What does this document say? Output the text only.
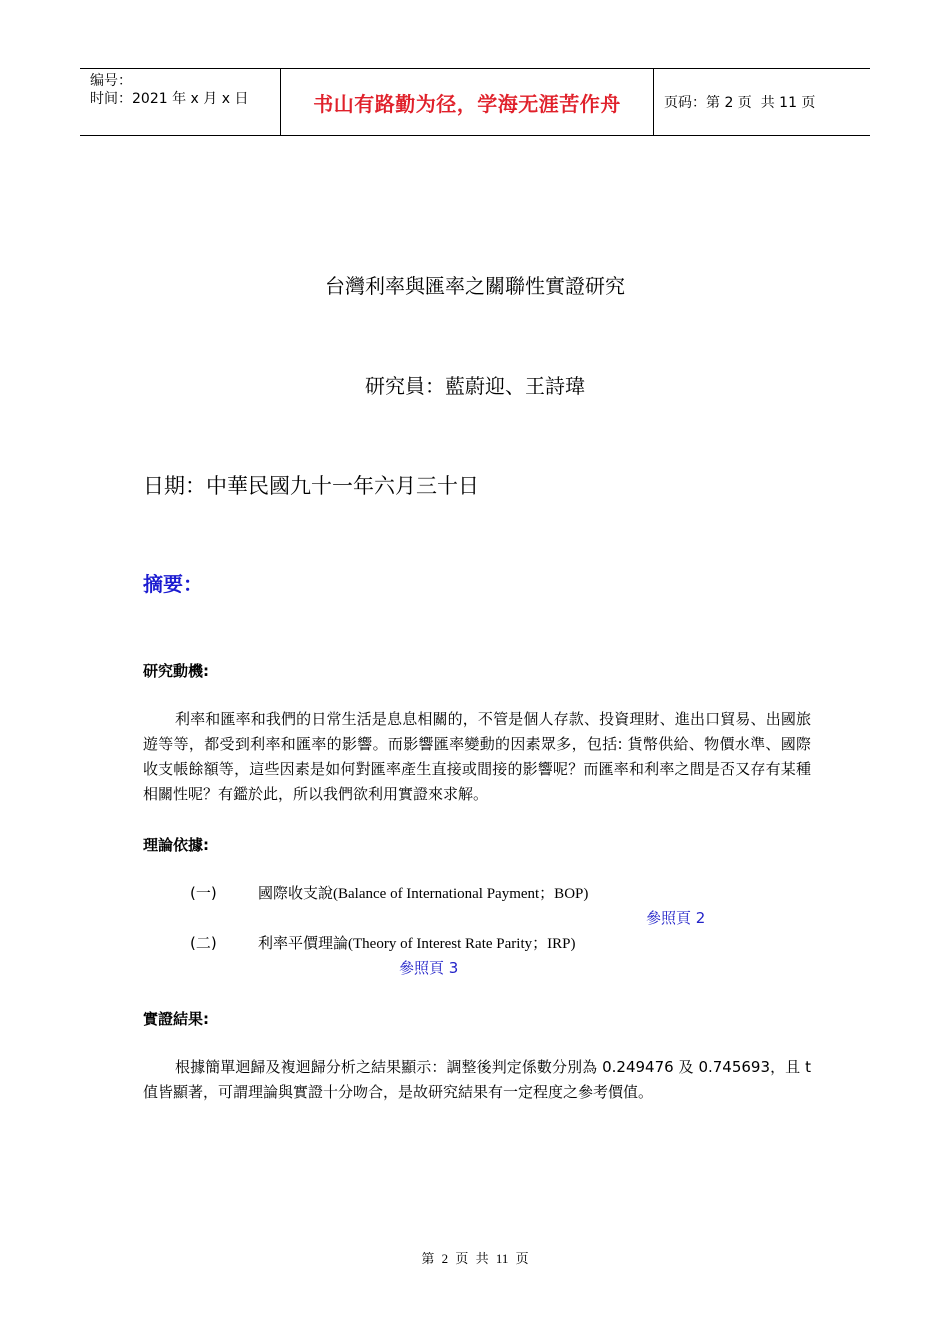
编号：
时间：2021 年 x 月 x 日	书山有路勤为径，学海无涯苦作舟	页码：第 2 页  共 11 页
台灣利率與匯率之關聯性實證研究
研究員：藍蔚迎、王詩瑋
日期：中華民國九十一年六月三十日
摘要：
研究動機:
利率和匯率和我們的日常生活是息息相關的，不管是個人存款、投資理財、進出口貿易、出國旅遊等等，都受到利率和匯率的影響。而影響匯率變動的因素眾多，包括: 貨幣供給、物價水準、國際收支帳餘額等，這些因素是如何對匯率產生直接或間接的影響呢？而匯率和利率之間是否又存有某種相關性呢？有鑑於此，所以我們欲利用實證來求解。
理論依據:
(一)	國際收支說(Balance of International Payment；BOP)
參照頁 2
(二)	利率平價理論(Theory of Interest Rate Parity；IRP)
參照頁 3
實證結果:
根據簡單迴歸及複迴歸分析之結果顯示：調整後判定係數分別為 0.249476 及 0.745693，且 t 值皆顯著，可謂理論與實證十分吻合，是故研究結果有一定程度之參考價值。
第 2 页 共 11 页
